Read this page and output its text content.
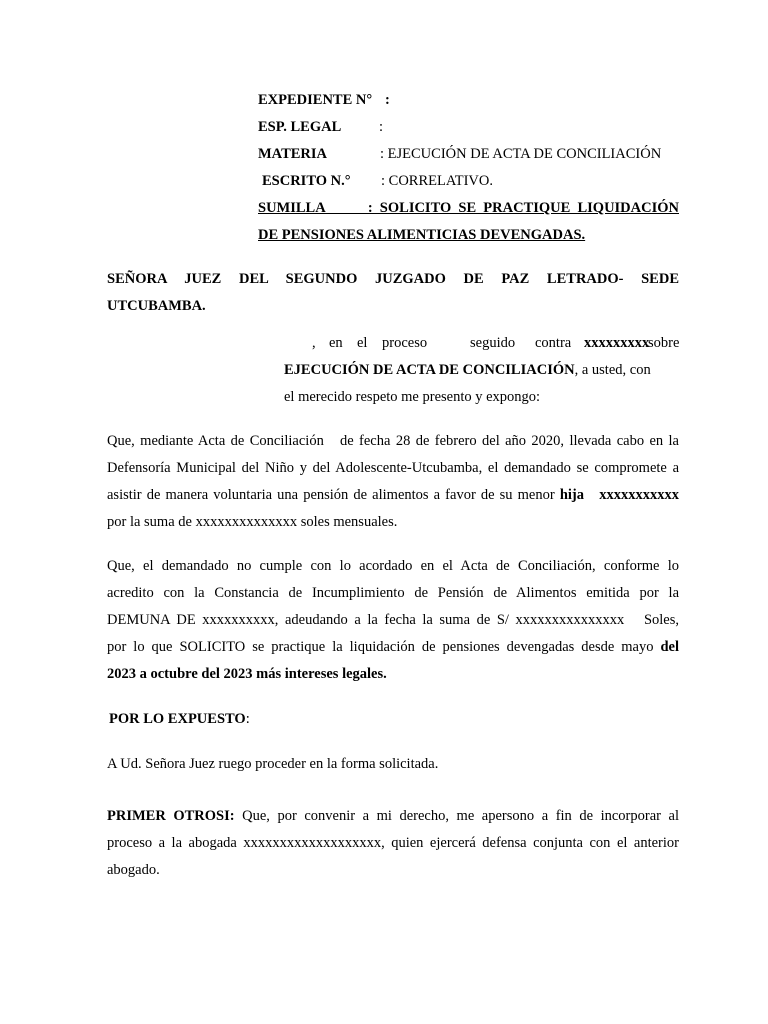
EXPEDIENTE N° :
ESP. LEGAL	:
MATERIA	: EJECUCIÓN DE ACTA DE CONCILIACIÓN
ESCRITO N.° : CORRELATIVO.
SUMILLA      : SOLICITO SE PRACTIQUE LIQUIDACIÓN
DE PENSIONES ALIMENTICIAS DEVENGADAS.
SEÑORA JUEZ DEL SEGUNDO JUZGADO DE PAZ LETRADO- SEDE
UTCUBAMBA.
, en el proceso	seguido contra xxxxxxxxx
sobre
EJECUCIÓN DE ACTA DE CONCILIACIÓN, a usted, con
el merecido respeto me presento y expongo:
Que, mediante Acta de Conciliación   de fecha 28 de febrero del año 2020, llevada cabo en la
Defensoría Municipal del Niño y del Adolescente-Utcubamba, el demandado se compromete a
asistir de manera voluntaria una pensión de alimentos a favor de su menor hija   xxxxxxxxxxx
por la suma de xxxxxxxxxxxxxx soles mensuales.
Que, el demandado no cumple con lo acordado en el Acta de Conciliación, conforme lo
acredito con la Constancia de Incumplimiento de Pensión de Alimentos emitida por la
DEMUNA DE xxxxxxxxxx, adeudando a la fecha la suma de S/ xxxxxxxxxxxxxxx   Soles,
por lo que SOLICITO se practique la liquidación de pensiones devengadas desde mayo del
2023 a octubre del 2023 más intereses legales.
POR LO EXPUESTO:
A Ud. Señora Juez ruego proceder en la forma solicitada.
PRIMER OTROSI: Que, por convenir a mi derecho, me apersono a fin de incorporar al
proceso a la abogada xxxxxxxxxxxxxxxxxxx, quien ejercerá defensa conjunta con el anterior
abogado.
